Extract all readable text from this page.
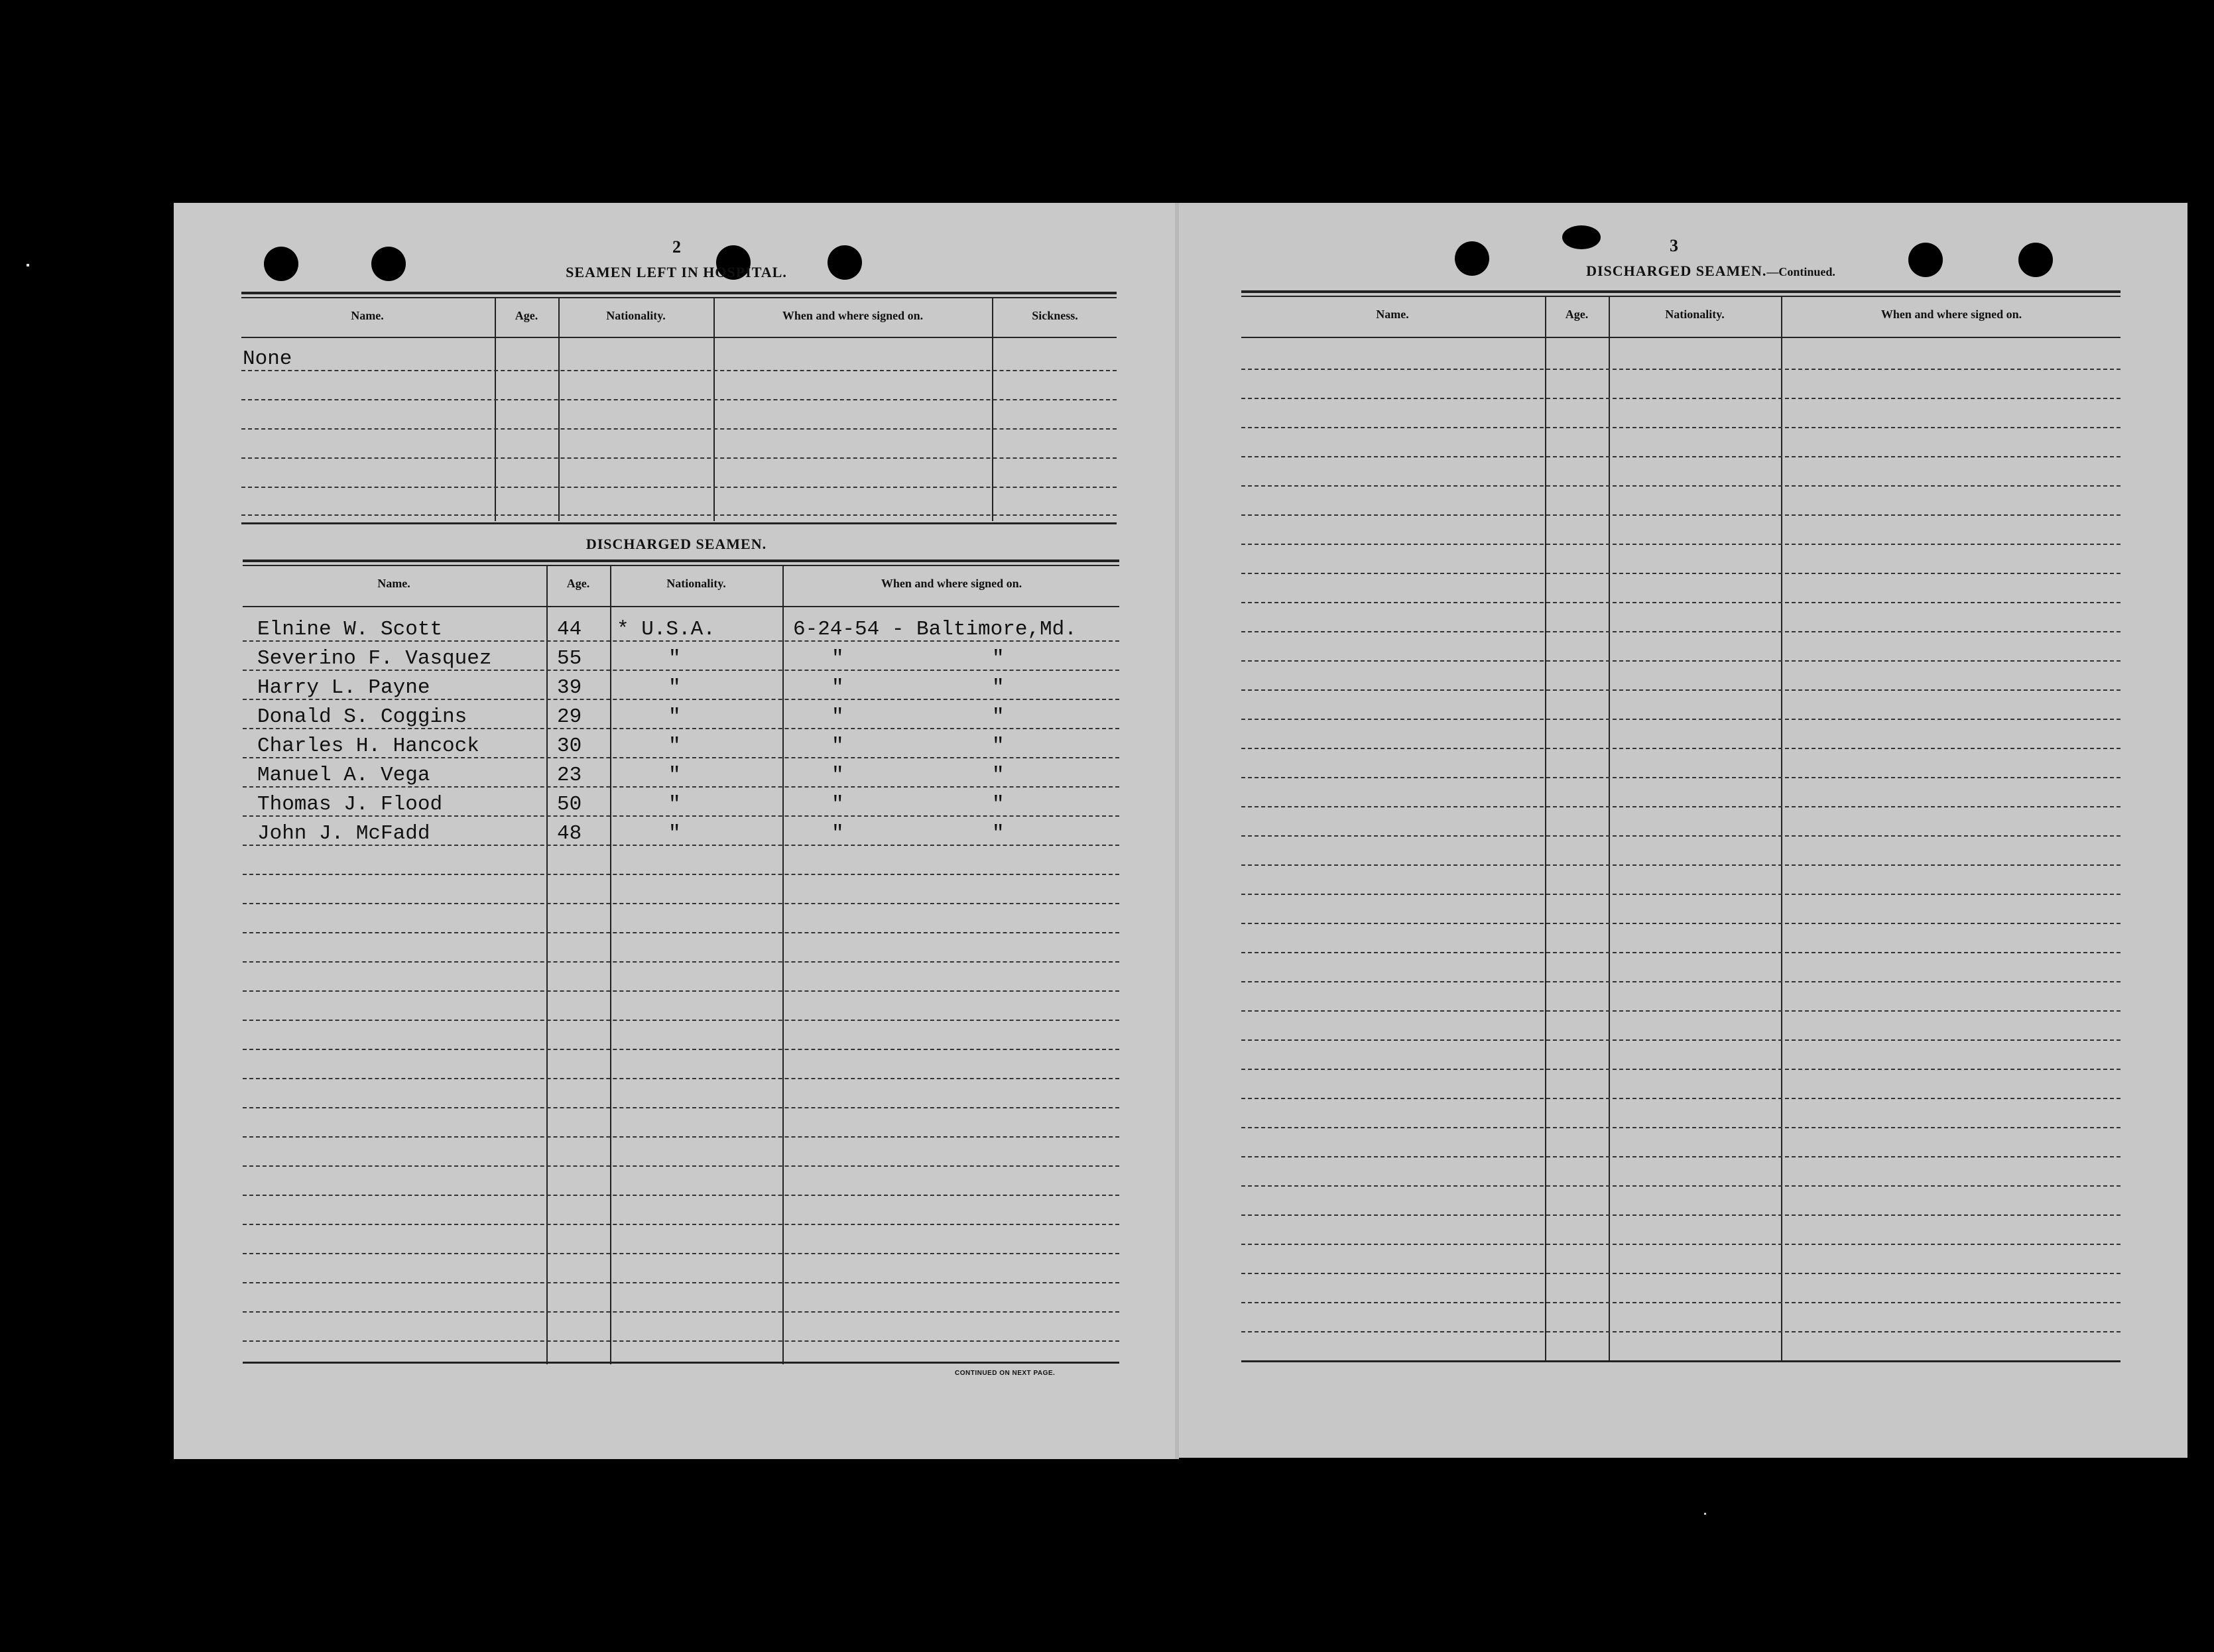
2
SEAMEN LEFT IN HOSPITAL.
Name.	Age.	Nationality.	When and where signed on.	Sickness.
None
DISCHARGED SEAMEN.
Name.	Age.	Nationality.	When and where signed on.
Elnine W. Scott	44 * U.S.A.	6-24-54 - Baltimore,Md.
Severino F. Vasquez	55	"	"	"
Harry L. Payne	39	"	"	"
Donald S. Coggins	29	"	"	"
Charles H. Hancock	30	"	"	"
Manuel A. Vega	23	"	"	"
Thomas J. Flood	50	"	"	"
John J. McFadd	48	"	"	"
CONTINUED ON NEXT PAGE.
3
DISCHARGED SEAMEN.—Continued.
Name.	Age.	Nationality.	When and where signed on.
